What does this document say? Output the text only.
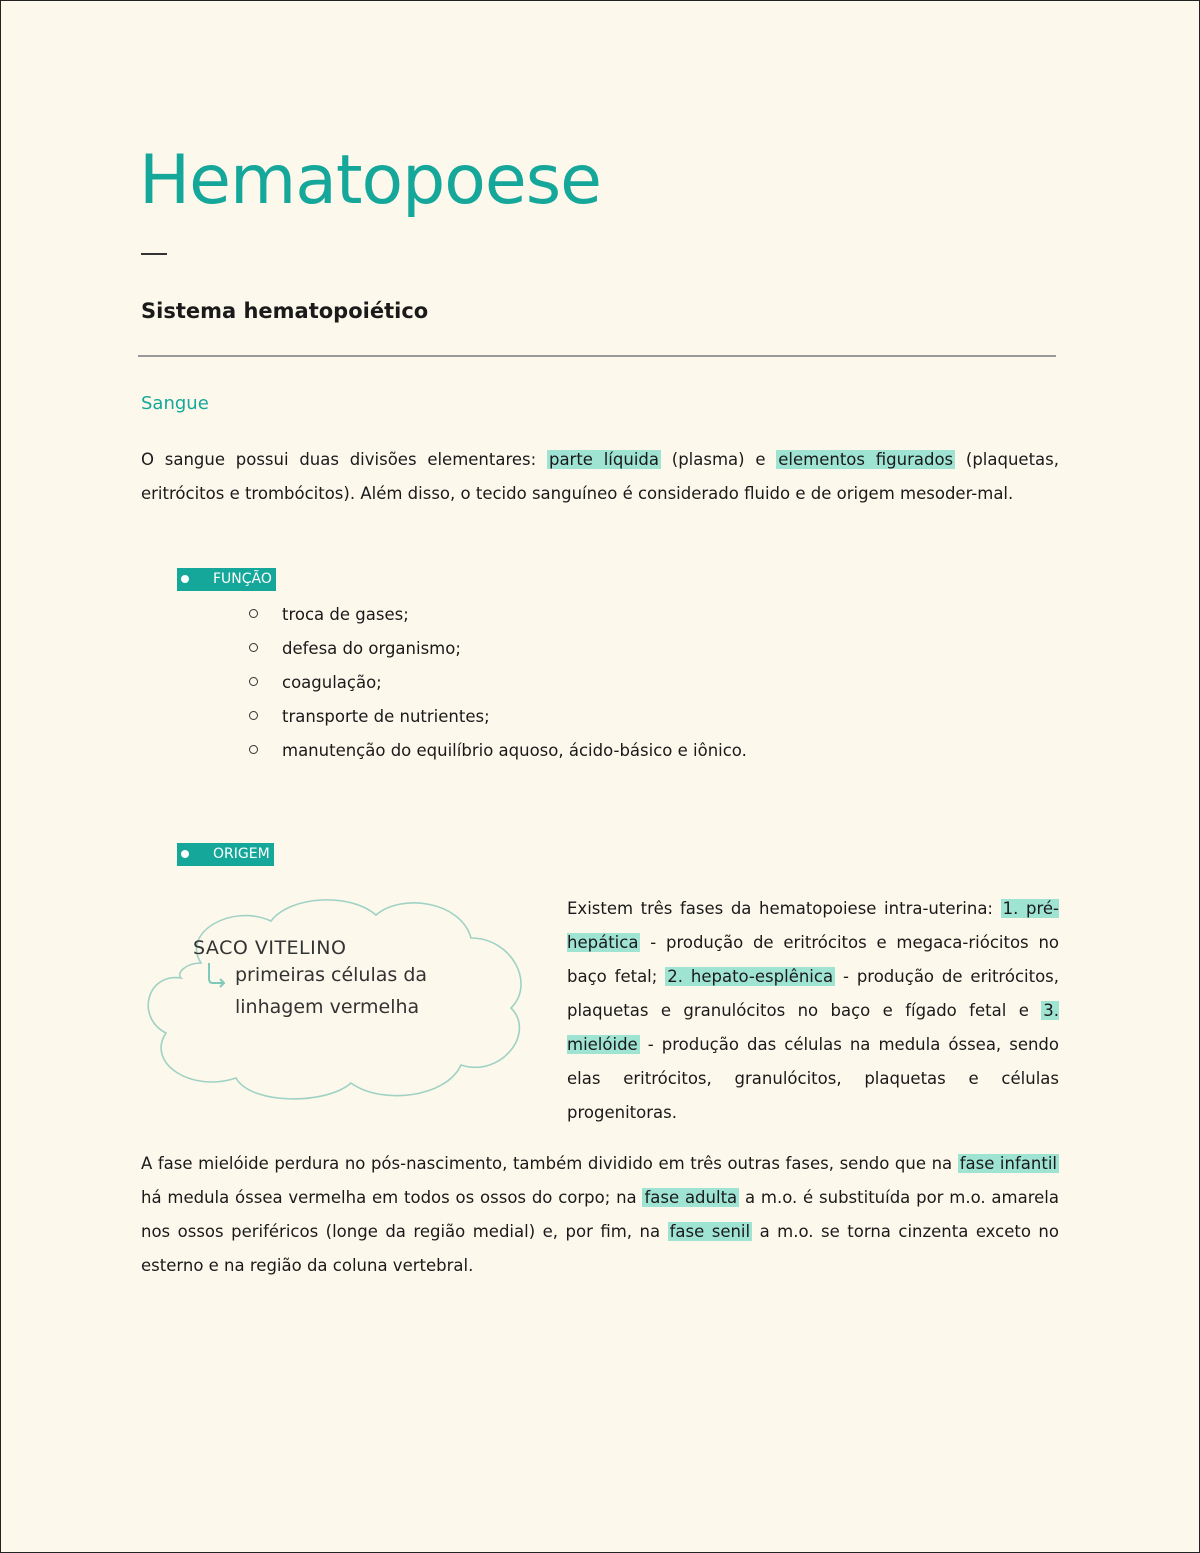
Hematopoese
Sistema hematopoiético
Sangue

O sangue possui duas divisões elementares: parte líquida (plasma) e elementos figurados (plaquetas, eritrócitos e trombócitos). Além disso, o tecido sanguíneo é considerado fluido e de origem mesoder-mal.

FUNÇÃO
troca de gases;
defesa do organismo;
coagulação;
transporte de nutrientes;
manutenção do equilíbrio aquoso, ácido-básico e iônico.
ORIGEM
SACO VITELINO
primeiras células da
linhagem vermelha

Existem três fases da hematopoiese intra-uterina: 1. pré-hepática - produção de eritrócitos e megaca-riócitos no baço fetal; 2. hepato-esplênica - produção de eritrócitos, plaquetas e granulócitos no baço e fígado fetal e 3. mielóide - produção das células na medula óssea, sendo elas eritrócitos, granulócitos, plaquetas e células progenitoras.

A fase mielóide perdura no pós-nascimento, também dividido em três outras fases, sendo que na fase infantil há medula óssea vermelha em todos os ossos do corpo; na fase adulta a m.o. é substituída por m.o. amarela nos ossos periféricos (longe da região medial) e, por fim, na fase senil a m.o. se torna cinzenta exceto no esterno e na região da coluna vertebral.
